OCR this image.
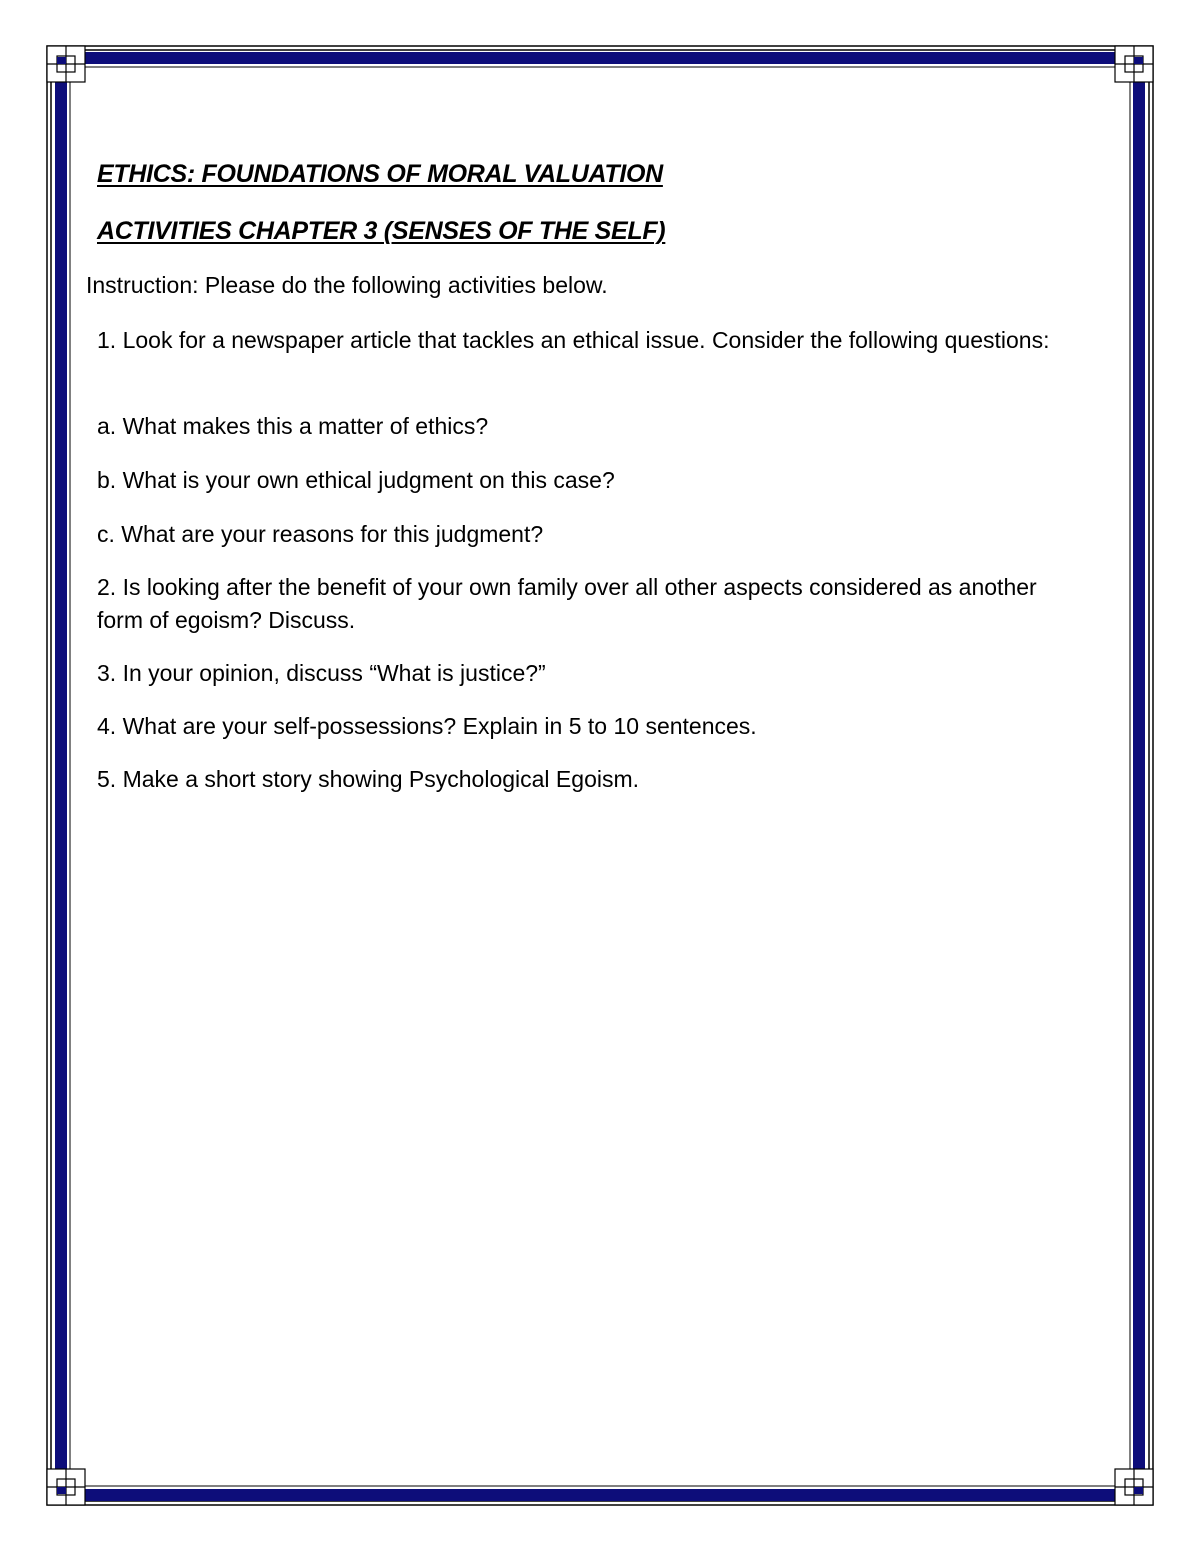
ETHICS: FOUNDATIONS OF MORAL VALUATION
ACTIVITIES CHAPTER 3 (SENSES OF THE SELF)
Instruction: Please do the following activities below.
1. Look for a newspaper article that tackles an ethical issue. Consider the following questions:
a. What makes this a matter of ethics?
b. What is your own ethical judgment on this case?
c. What are your reasons for this judgment?
2. Is looking after the benefit of your own family over all other aspects considered as another form of egoism? Discuss.
3. In your opinion, discuss “What is justice?”
4. What are your self-possessions? Explain in 5 to 10 sentences.
5. Make a short story showing Psychological Egoism.
